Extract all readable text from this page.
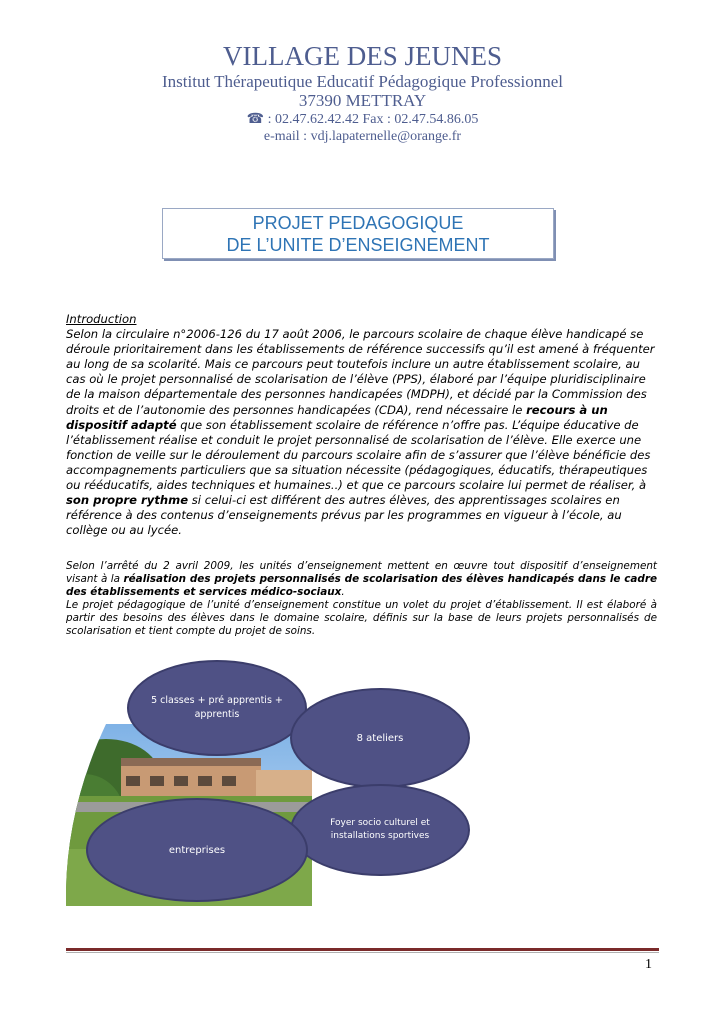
VILLAGE DES JEUNES
Institut Thérapeutique Educatif Pédagogique Professionnel
37390 METTRAY
☎ : 02.47.62.42.42 Fax : 02.47.54.86.05
e-mail : vdj.lapaternelle@orange.fr
PROJET PEDAGOGIQUE
DE L’UNITE D’ENSEIGNEMENT
Introduction
Selon la circulaire n°2006-126 du 17 août 2006, le parcours scolaire de chaque élève handicapé se déroule prioritairement dans les établissements de référence successifs qu’il est amené à fréquenter au long de sa scolarité. Mais ce parcours peut toutefois inclure un autre établissement scolaire, au cas où le projet personnalisé de scolarisation de l’élève (PPS), élaboré par l’équipe pluridisciplinaire de la maison départementale des personnes handicapées (MDPH), et décidé par la Commission des droits et de l’autonomie des personnes handicapées (CDA), rend nécessaire le recours à un dispositif adapté que son établissement scolaire de référence n’offre pas. L’équipe éducative de l’établissement réalise et conduit le projet personnalisé de scolarisation de l’élève. Elle exerce une fonction de veille sur le déroulement du parcours scolaire afin de s’assurer que l’élève bénéficie des accompagnements particuliers que sa situation nécessite (pédagogiques, éducatifs, thérapeutiques ou rééducatifs, aides techniques et humaines..) et que ce parcours scolaire lui permet de réaliser, à son propre rythme si celui-ci est différent des autres élèves, des apprentissages scolaires en référence à des contenus d’enseignements prévus par les programmes en vigueur à l’école, au collège ou au lycée.
Selon l’arrêté du 2 avril 2009, les unités d’enseignement mettent en œuvre tout dispositif d’enseignement visant à la réalisation des projets personnalisés de scolarisation des élèves handicapés dans le cadre des établissements et services médico-sociaux.
Le projet pédagogique de l’unité d’enseignement constitue un volet du projet d’établissement. Il est élaboré à partir des besoins des élèves dans le domaine scolaire, définis sur la base de leurs projets personnalisés de scolarisation et tient compte du projet de soins.
5 classes + pré apprentis + apprentis
8 ateliers
Foyer socio culturel et installations sportives
entreprises
1
